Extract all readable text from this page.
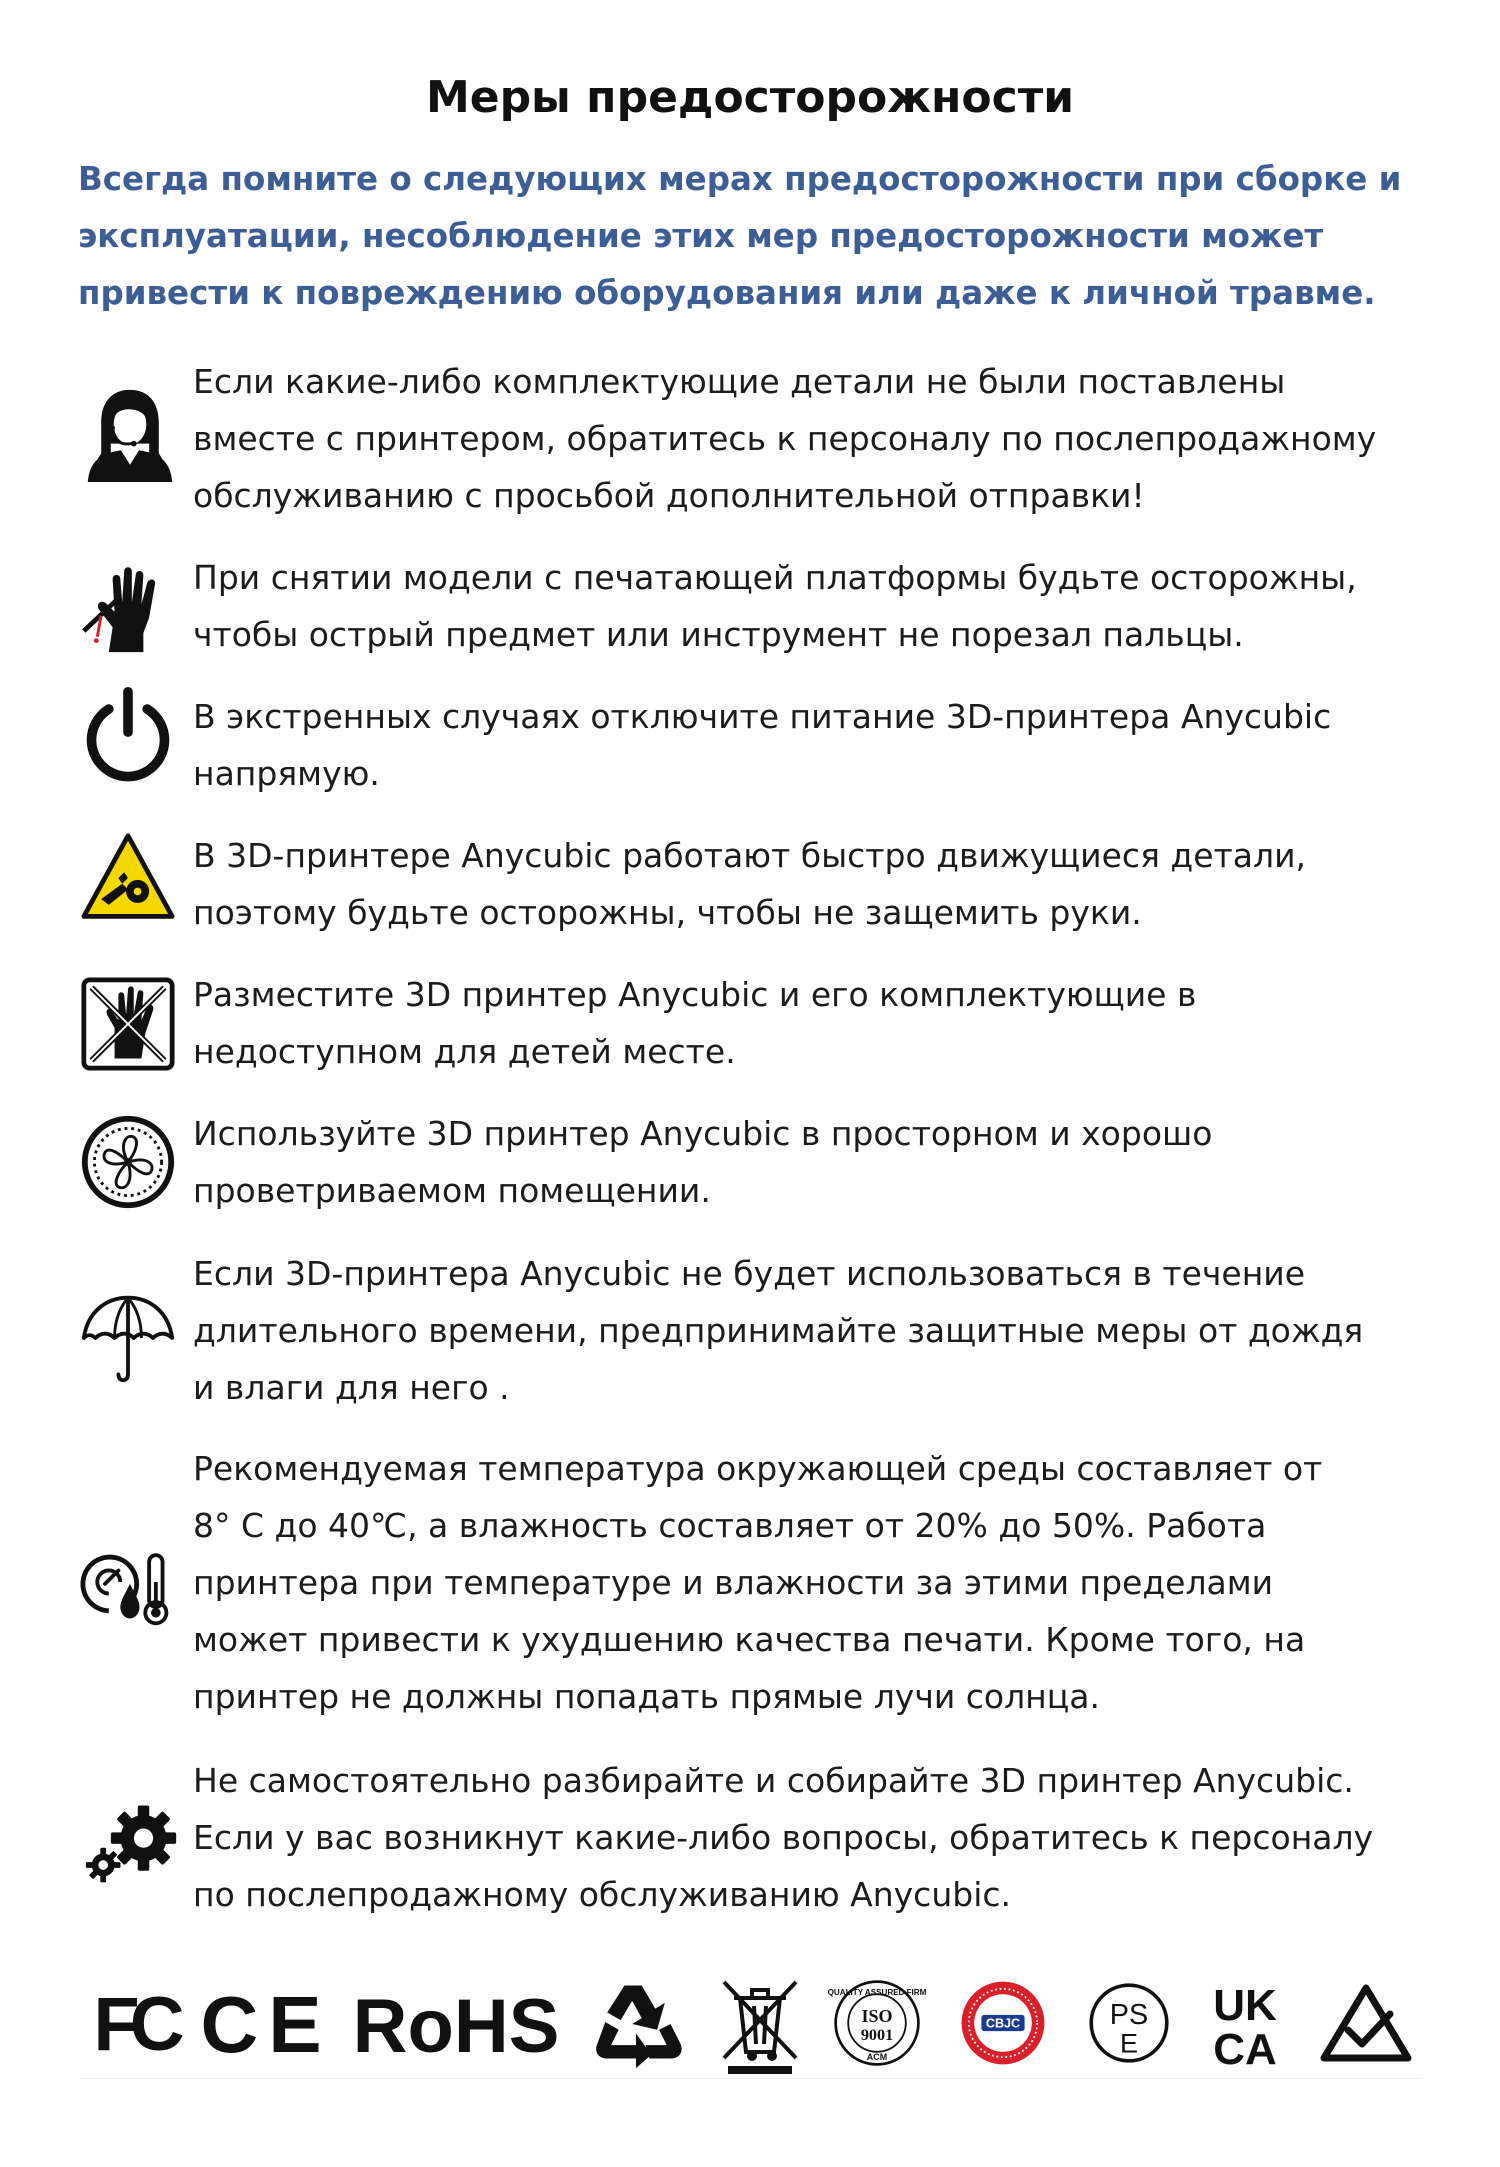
Меры предосторожности
Всегда помните о следующих мерах предосторожности при сборке и
эксплуатации, несоблюдение этих мер предосторожности может
привести к повреждению оборудования или даже к личной травме.
Если какие-либо комплектующие детали не были поставлены
вместе с принтером, обратитесь к персоналу по послепродажному
обслуживанию с просьбой дополнительной отправки!
При снятии модели с печатающей платформы будьте осторожны,
чтобы острый предмет или инструмент не порезал пальцы.
В экстренных случаях отключите питание 3D-принтера Anycubic
напрямую.
В 3D-принтере Anycubic работают быстро движущиеся детали,
поэтому будьте осторожны, чтобы не защемить руки.
Разместите 3D принтер Anycubic и его комплектующие в
недоступном для детей месте.
Используйте 3D принтер Anycubic в просторном и хорошо
проветриваемом помещении.
Если 3D-принтера Anycubic не будет использоваться в течение
длительного времени, предпринимайте защитные меры от дождя
и влаги для него .
Рекомендуемая температура окружающей среды составляет от
8° С до 40℃, а влажность составляет от 20% до 50%. Работа
принтера при температуре и влажности за этими пределами
может привести к ухудшению качества печати. Кроме того, на
принтер не должны попадать прямые лучи солнца.
Не самостоятельно разбирайте и собирайте 3D принтер Anycubic.
Если у вас возникнут какие-либо вопросы, обратитесь к персоналу
по послепродажному обслуживанию Anycubic.
FC CE RoHS	QUALITY ASSURED FIRM
ISO
9001
ACM
CBJC	PS
E
UK
CA
